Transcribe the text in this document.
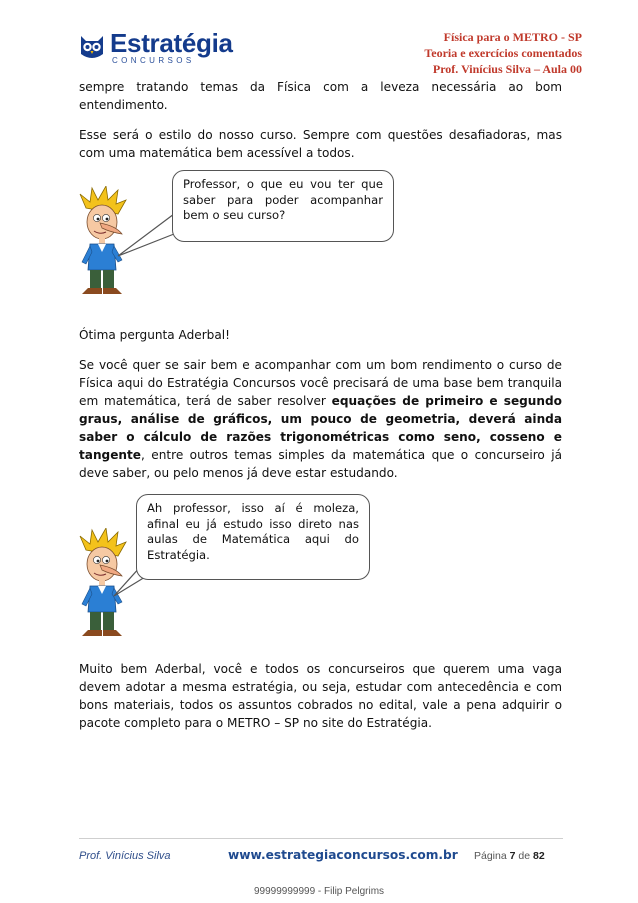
Estratégia
CONCURSOS
Física para o METRO - SP
Teoria e exercícios comentados
Prof. Vinícius Silva – Aula 00

sempre tratando temas da Física com a leveza necessária ao bom entendimento.

Esse será o estilo do nosso curso. Sempre com questões desafiadoras, mas com uma matemática bem acessível a todos.

Professor, o que eu vou ter que saber para poder acompanhar bem o seu curso?

Ótima pergunta Aderbal!

Se você quer se sair bem e acompanhar com um bom rendimento o curso de Física aqui do Estratégia Concursos você precisará de uma base bem tranquila em matemática, terá de saber resolver equações de primeiro e segundo graus, análise de gráficos, um pouco de geometria, deverá ainda saber o cálculo de razões trigonométricas como seno, cosseno e tangente, entre outros temas simples da matemática que o concurseiro já deve saber, ou pelo menos já deve estar estudando.

Ah professor, isso aí é moleza, afinal eu já estudo isso direto nas aulas de Matemática aqui do Estratégia.

Muito bem Aderbal, você e todos os concurseiros que querem uma vaga devem adotar a mesma estratégia, ou seja, estudar com antecedência e com bons materiais, todos os assuntos cobrados no edital, vale a pena adquirir o pacote completo para o METRO – SP no site do Estratégia.

Prof. Vinícius Silva	www.estrategiaconcursos.com.br Página 7 de 82
99999999999 - Filip Pelgrims
